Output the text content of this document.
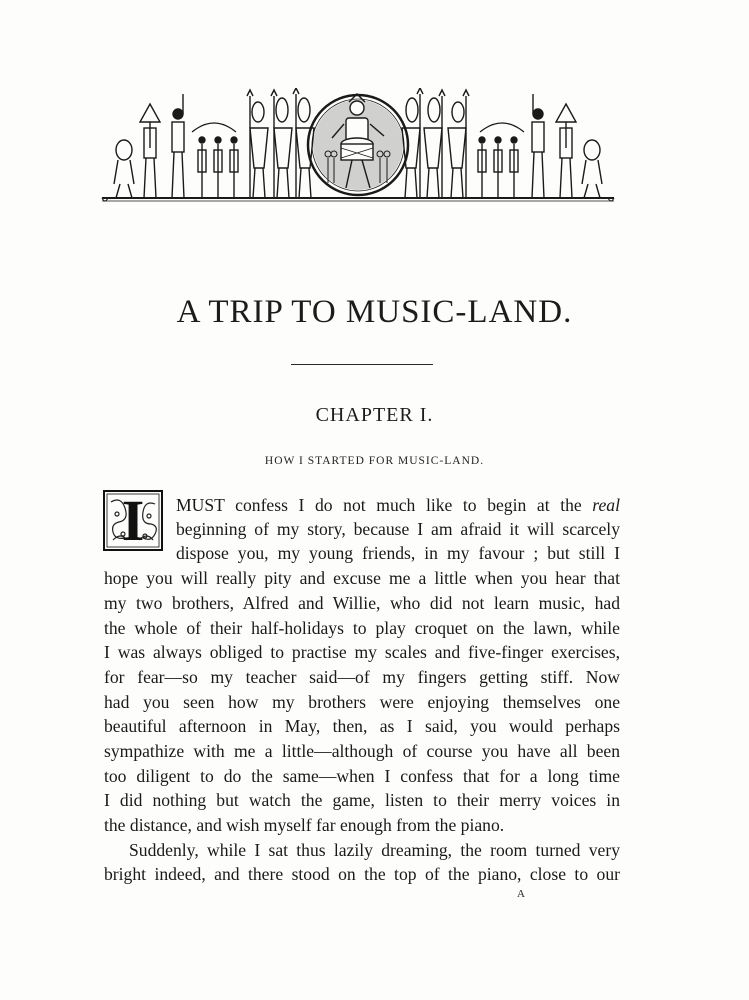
A TRIP TO MUSIC-LAND.
CHAPTER I.
HOW I STARTED FOR MUSIC-LAND.
I	MUST confess I do not much like to begin at the real
beginning of my story, because I am afraid it will scarcely
dispose you, my young friends, in my favour ; but still I
hope you will really pity and excuse me a little when you hear that
my two brothers, Alfred and Willie, who did not learn music, had
the whole of their half-holidays to play croquet on the lawn, while
I was always obliged to practise my scales and five-finger exercises,
for fear—so my teacher said—of my fingers getting stiff. Now
had you seen how my brothers were enjoying themselves one
beautiful afternoon in May, then, as I said, you would perhaps
sympathize with me a little—although of course you have all been
too diligent to do the same—when I confess that for a long time
I did nothing but watch the game, listen to their merry voices in
the distance, and wish myself far enough from the piano.
Suddenly, while I sat thus lazily dreaming, the room turned very
bright indeed, and there stood on the top of the piano, close to our
A
